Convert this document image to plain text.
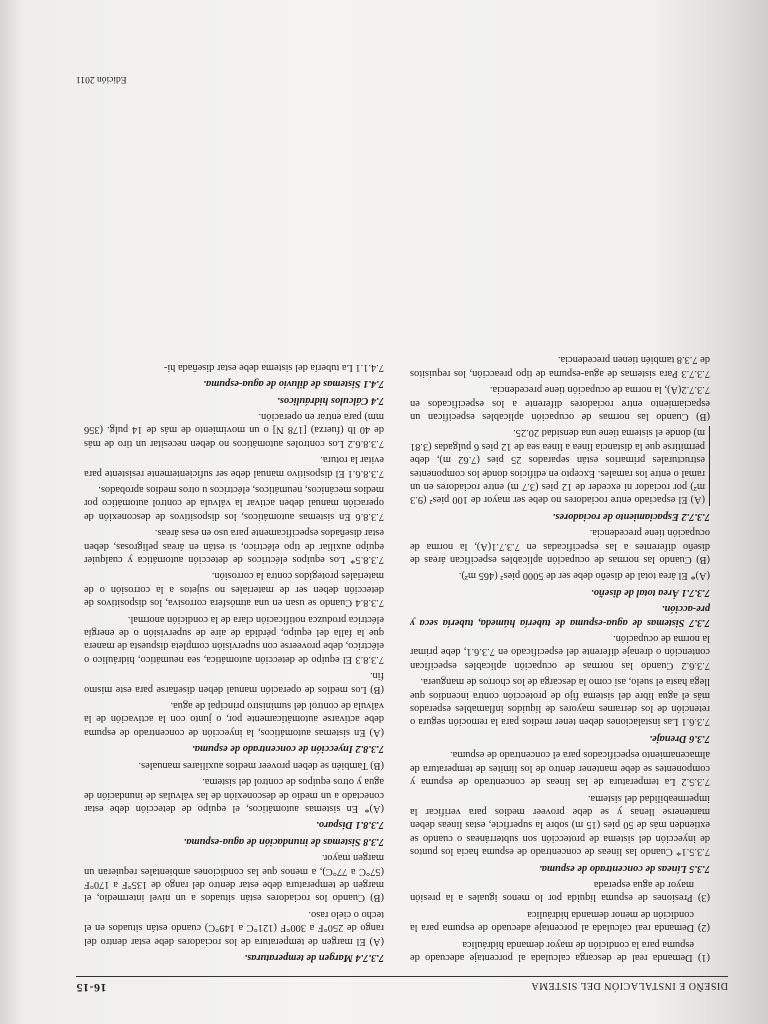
DISEÑO E INSTALACIÓN DEL SISTEMA
16-15

(1) Demanda real de descarga calculada al porcentaje adecuado de espuma para la condición de mayor demanda hidráulica

(2) Demanda real calculada al porcentaje adecuado de espuma para la condición de menor demanda hidráulica

(3) Presiones de espuma líquida por lo menos iguales a la presión mayor de agua esperada

7.3.5 Líneas de concentrado de espuma.

7.3.5.1* Cuando las líneas de concentrado de espuma hacia los puntos de inyección del sistema de protección son subterráneas o cuando se extienden más de 50 pies (15 m) sobre la superficie, estas líneas deben mantenerse llenas y se debe proveer medios para verificar la impermeabilidad del sistema.

7.3.5.2 La temperatura de las líneas de concentrado de espuma y componentes se debe mantener dentro de los límites de temperatura de almacenamiento especificados para el concentrado de espuma.

7.3.6 Drenaje.

7.3.6.1 Las instalaciones deben tener medios para la remoción segura o retención de los derrames mayores de líquidos inflamables esperados más el agua libre del sistema fijo de protección contra incendios que llega hasta el suelo, así como la descarga de los chorros de manguera.

7.3.6.2 Cuando las normas de ocupación aplicables especifican contención o drenaje diferente del especificado en 7.3.6.1, debe primar la norma de ocupación.

7.3.7 Sistemas de agua-espuma de tubería húmeda, tubería seca y pre-acción.

7.3.7.1 Área total de diseño.

(A)* El área total de diseño debe ser de 5000 pies² (465 m²).

(B) Cuando las normas de ocupación aplicables especifican áreas de diseño diferentes a las especificadas en 7.3.7.1(A), la norma de ocupación tiene precedencia.

7.3.7.2 Espaciamiento de rociadores.

(A) El espaciado entre rociadores no debe ser mayor de 100 pies² (9.3 m²) por rociador ni exceder de 12 pies (3.7 m) entre rociadores en un ramal o entre los ramales. Excepto en edificios donde los componentes estructurales primarios están separados 25 pies (7.62 m), debe permitirse que la distancia línea a línea sea de 12 pies 6 pulgadas (3.81 m) donde el sistema tiene una densidad 20.25.

(B) Cuando las normas de ocupación aplicables especifican un espaciamiento entre rociadores diferente a los especificados en 7.3.7.2(A), la norma de ocupación tiene precedencia.

7.3.7.3 Para sistemas de agua-espuma de tipo preacción, los requisitos de 7.3.8 también tienen precedencia.

7.3.7.4 Margen de temperaturas.

(A) El margen de temperatura de los rociadores debe estar dentro del rango de 250°F a 300°F (121°C a 149°C) cuando están situados en el techo o cielo raso.

(B) Cuando los rociadores están situados a un nivel intermedio, el margen de temperatura debe estar dentro del rango de 135°F a 170°F (57°C a 77°C), a menos que las condiciones ambientales requieran un margen mayor.

7.3.8 Sistemas de inundación de agua-espuma.

7.3.8.1 Disparo.

(A)* En sistemas automáticos, el equipo de detección debe estar conectado a un medio de desconexión de las válvulas de inundación de agua y otros equipos de control del sistema.

(B) También se deben proveer medios auxiliares manuales.

7.3.8.2 Inyección de concentrado de espuma.

(A) En sistemas automáticos, la inyección de concentrado de espuma debe activarse automáticamente por, o junto con la activación de la válvula de control del suministro principal de agua.

(B) Los medios de operación manual deben diseñarse para este mismo fin.

7.3.8.3 El equipo de detección automática, sea neumático, hidráulico o eléctrico, debe proveerse con supervisión completa dispuesta de manera que la falla del equipo, pérdida de aire de supervisión o de energía eléctrica produzca notificación clara de la condición anormal.

7.3.8.4 Cuando se usan en una atmósfera corrosiva, los dispositivos de detección deben ser de materiales no sujetos a la corrosión o de materiales protegidos contra la corrosión.

7.3.8.5* Los equipos eléctricos de detección automática y cualquier equipo auxiliar de tipo eléctrico, si están en áreas peligrosas, deben estar diseñados específicamente para uso en esas áreas.

7.3.8.6 En sistemas automáticos, los dispositivos de desconexión de operación manual deben activar la válvula de control automático por medios mecánicos, neumáticos, eléctricos u otros medios aprobados.

7.3.8.6.1 El dispositivo manual debe ser suficientemente resistente para evitar la rotura.

7.3.8.6.2 Los controles automáticos no deben necesitar un tiro de más de 40 lb (fuerza) [178 N] o un movimiento de más de 14 pulg. (356 mm) para entrar en operación.

7.4 Cálculos hidráulicos.

7.4.1 Sistemas de diluvio de agua-espuma.

7.4.1.1 La tubería del sistema debe estar diseñada hi-

Edición 2011
